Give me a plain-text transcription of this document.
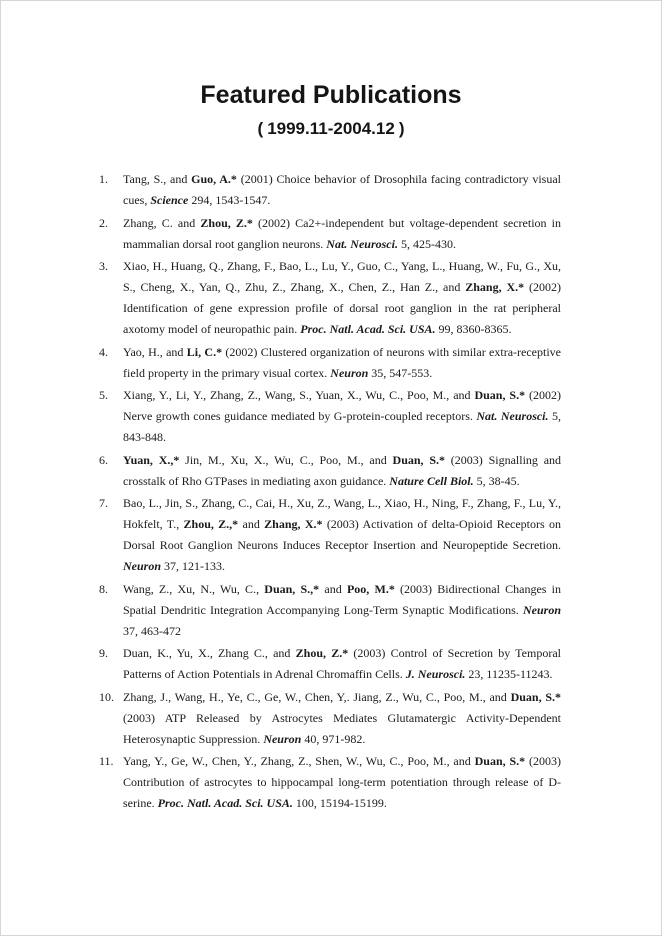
Featured Publications
( 1999.11-2004.12 )
1.	Tang, S., and Guo, A.* (2001) Choice behavior of Drosophila facing contradictory visual cues, Science 294, 1543-1547.
2.	Zhang, C. and Zhou, Z.* (2002) Ca2+-independent but voltage-dependent secretion in mammalian dorsal root ganglion neurons. Nat. Neurosci. 5, 425-430.
3.	Xiao, H., Huang, Q., Zhang, F., Bao, L., Lu, Y., Guo, C., Yang, L., Huang, W., Fu, G., Xu, S., Cheng, X., Yan, Q., Zhu, Z., Zhang, X., Chen, Z., Han Z., and Zhang, X.* (2002) Identification of gene expression profile of dorsal root ganglion in the rat peripheral axotomy model of neuropathic pain. Proc. Natl. Acad. Sci. USA. 99, 8360-8365.
4.	Yao, H., and Li, C.* (2002) Clustered organization of neurons with similar extra-receptive field property in the primary visual cortex. Neuron 35, 547-553.
5.	Xiang, Y., Li, Y., Zhang, Z., Wang, S., Yuan, X., Wu, C., Poo, M., and Duan, S.* (2002) Nerve growth cones guidance mediated by G-protein-coupled receptors. Nat. Neurosci. 5, 843-848.
6.	Yuan, X.,* Jin, M., Xu, X., Wu, C., Poo, M., and Duan, S.* (2003) Signalling and crosstalk of Rho GTPases in mediating axon guidance. Nature Cell Biol. 5, 38-45.
7.	Bao, L., Jin, S., Zhang, C., Cai, H., Xu, Z., Wang, L., Xiao, H., Ning, F., Zhang, F., Lu, Y., Hokfelt, T., Zhou, Z.,* and Zhang, X.* (2003) Activation of delta-Opioid Receptors on Dorsal Root Ganglion Neurons Induces Receptor Insertion and Neuropeptide Secretion. Neuron 37, 121-133.
8.	Wang, Z., Xu, N., Wu, C., Duan, S.,* and Poo, M.* (2003) Bidirectional Changes in Spatial Dendritic Integration Accompanying Long-Term Synaptic Modifications. Neuron 37, 463-472
9.	Duan, K., Yu, X., Zhang C., and Zhou, Z.* (2003) Control of Secretion by Temporal Patterns of Action Potentials in Adrenal Chromaffin Cells. J. Neurosci. 23, 11235-11243.
10. Zhang, J., Wang, H., Ye, C., Ge, W., Chen, Y,. Jiang, Z., Wu, C., Poo, M., and Duan, S.* (2003) ATP Released by Astrocytes Mediates Glutamatergic Activity-Dependent Heterosynaptic Suppression. Neuron 40, 971-982.
11. Yang, Y., Ge, W., Chen, Y., Zhang, Z., Shen, W., Wu, C., Poo, M., and Duan, S.* (2003) Contribution of astrocytes to hippocampal long-term potentiation through release of D-serine. Proc. Natl. Acad. Sci. USA. 100, 15194-15199.
